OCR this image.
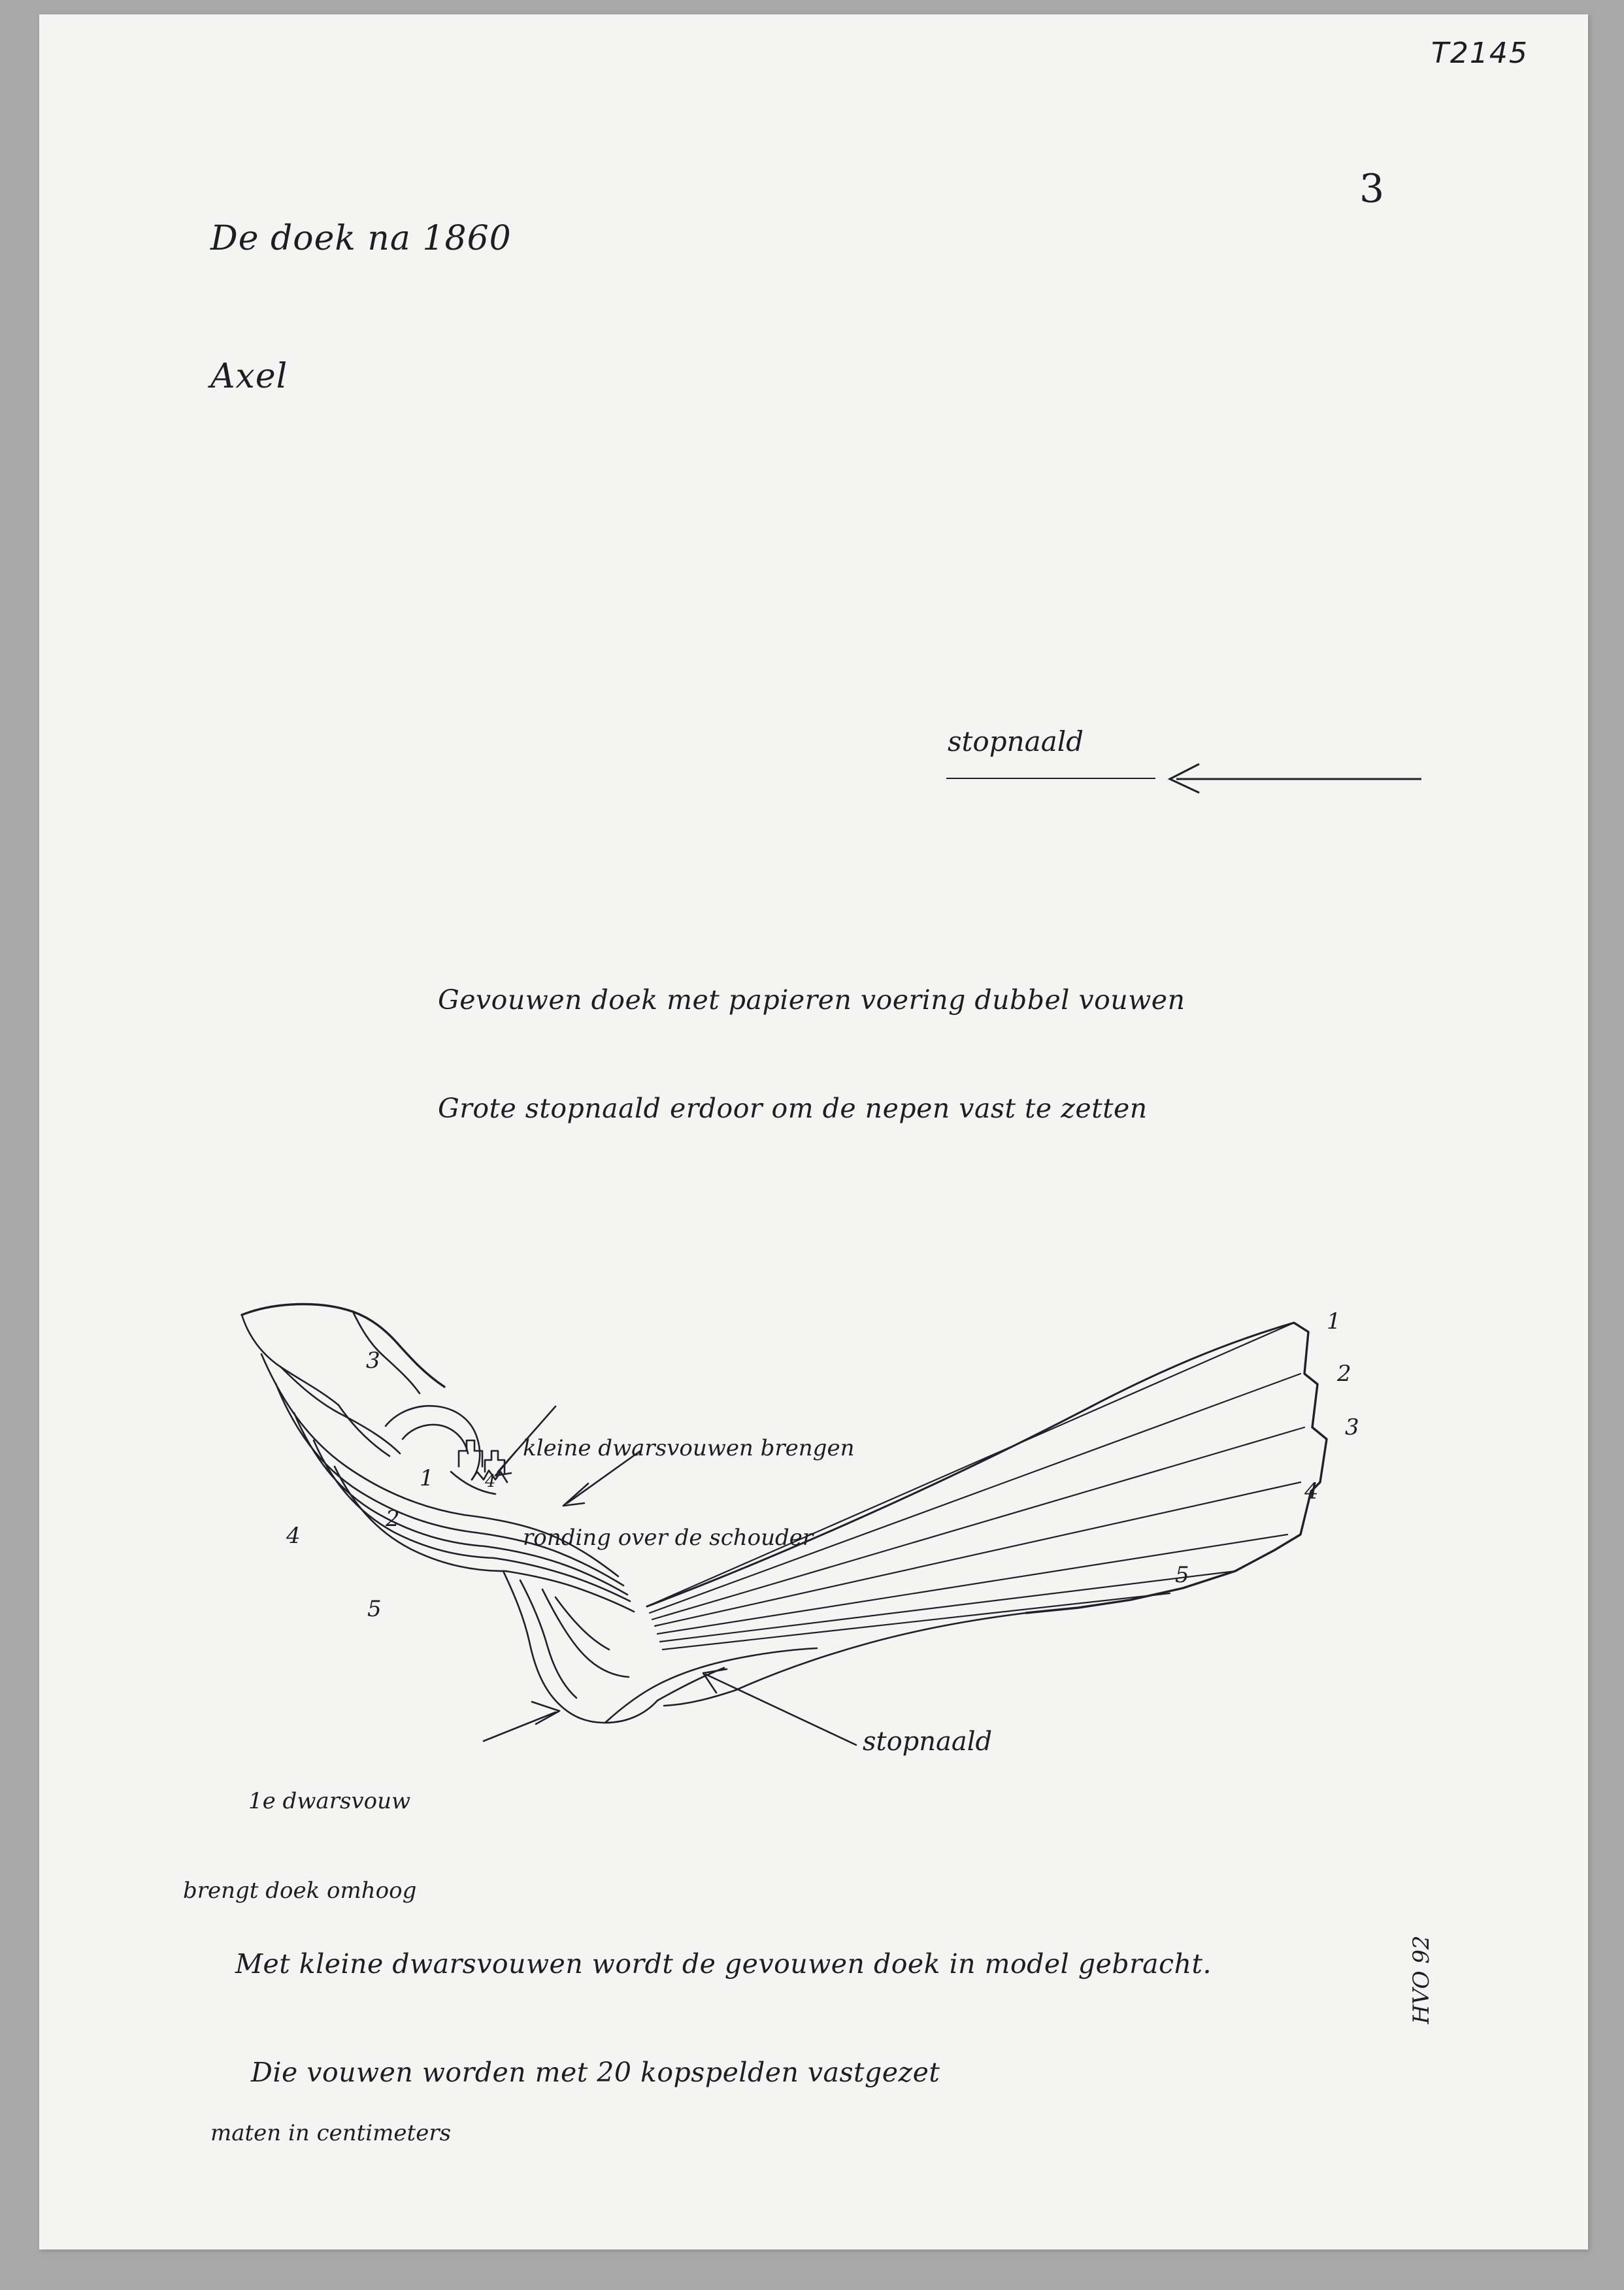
T2145

De doek na 1860

Axel

3
stopnaald

Gevouwen doek met papieren voering dubbel vouwen

Grote stopnaald erdoor om de nepen vast te zetten

3
1
2
4
5
4
1
2
3
4
5

kleine dwarsvouwen brengen

ronding over de schouder

1e dwarsvouw

brengt doek omhoog

stopnaald

Met kleine dwarsvouwen wordt de gevouwen doek in model gebracht.

Die vouwen worden met 20 kopspelden vastgezet

maten in centimeters
HVO 92
